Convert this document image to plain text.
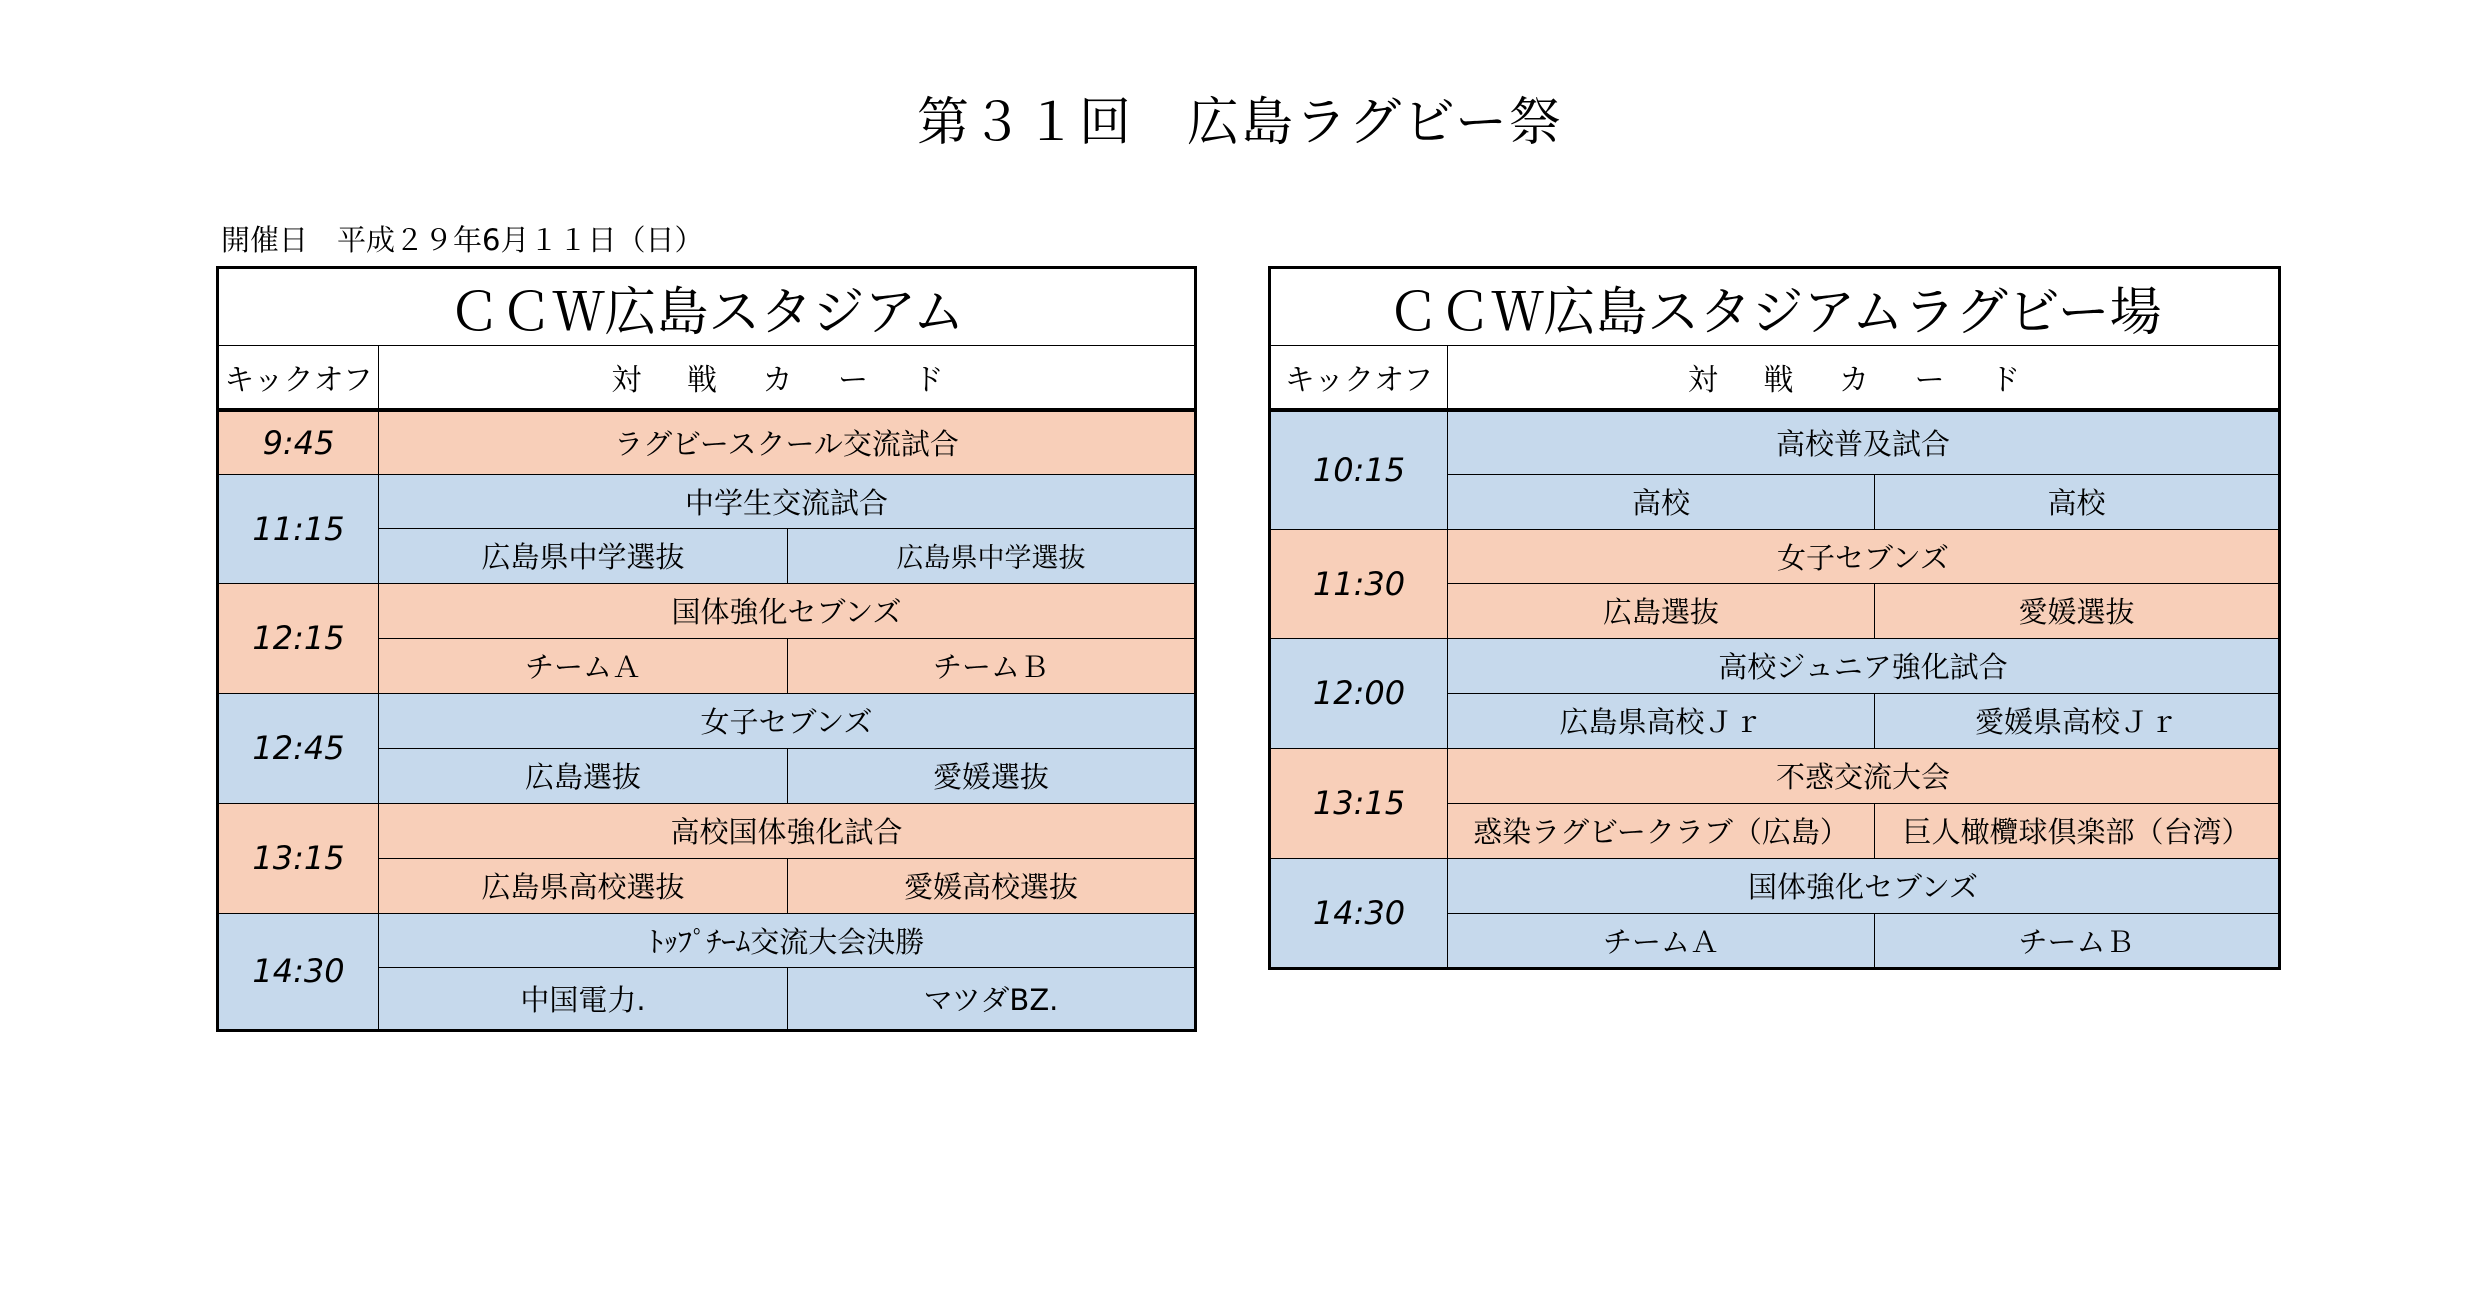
第３１回　広島ラグビー祭
開催日　平成２９年6月１１日（日）
ＣＣＷ広島スタジアム		
キックオフ	対 戦 カ ー ド	
9:45	ラグビースクール交流試合	
11:15	中学生交流試合	
	広島県中学選抜	広島県中学選抜
12:15	国体強化セブンズ	
	チームＡ	チームＢ
12:45	女子セブンズ	
	広島選抜	愛媛選抜
13:15	高校国体強化試合	
	広島県高校選抜	愛媛高校選抜
14:30	ﾄｯﾌﾟﾁｰﾑ交流大会決勝	
	中国電力.	マツダBZ.
ＣＣＷ広島スタジアムラグビー場		
キックオフ	対 戦 カ ー ド	
10:15	高校普及試合	
	高校	高校
11:30	女子セブンズ	
	広島選抜	愛媛選抜
12:00	高校ジュニア強化試合	
	広島県高校Ｊｒ	愛媛県高校Ｊｒ
13:15	不惑交流大会	
	惑染ラグビークラブ（広島）	巨人橄欖球倶楽部（台湾）
14:30	国体強化セブンズ	
	チームＡ	チームＢ
